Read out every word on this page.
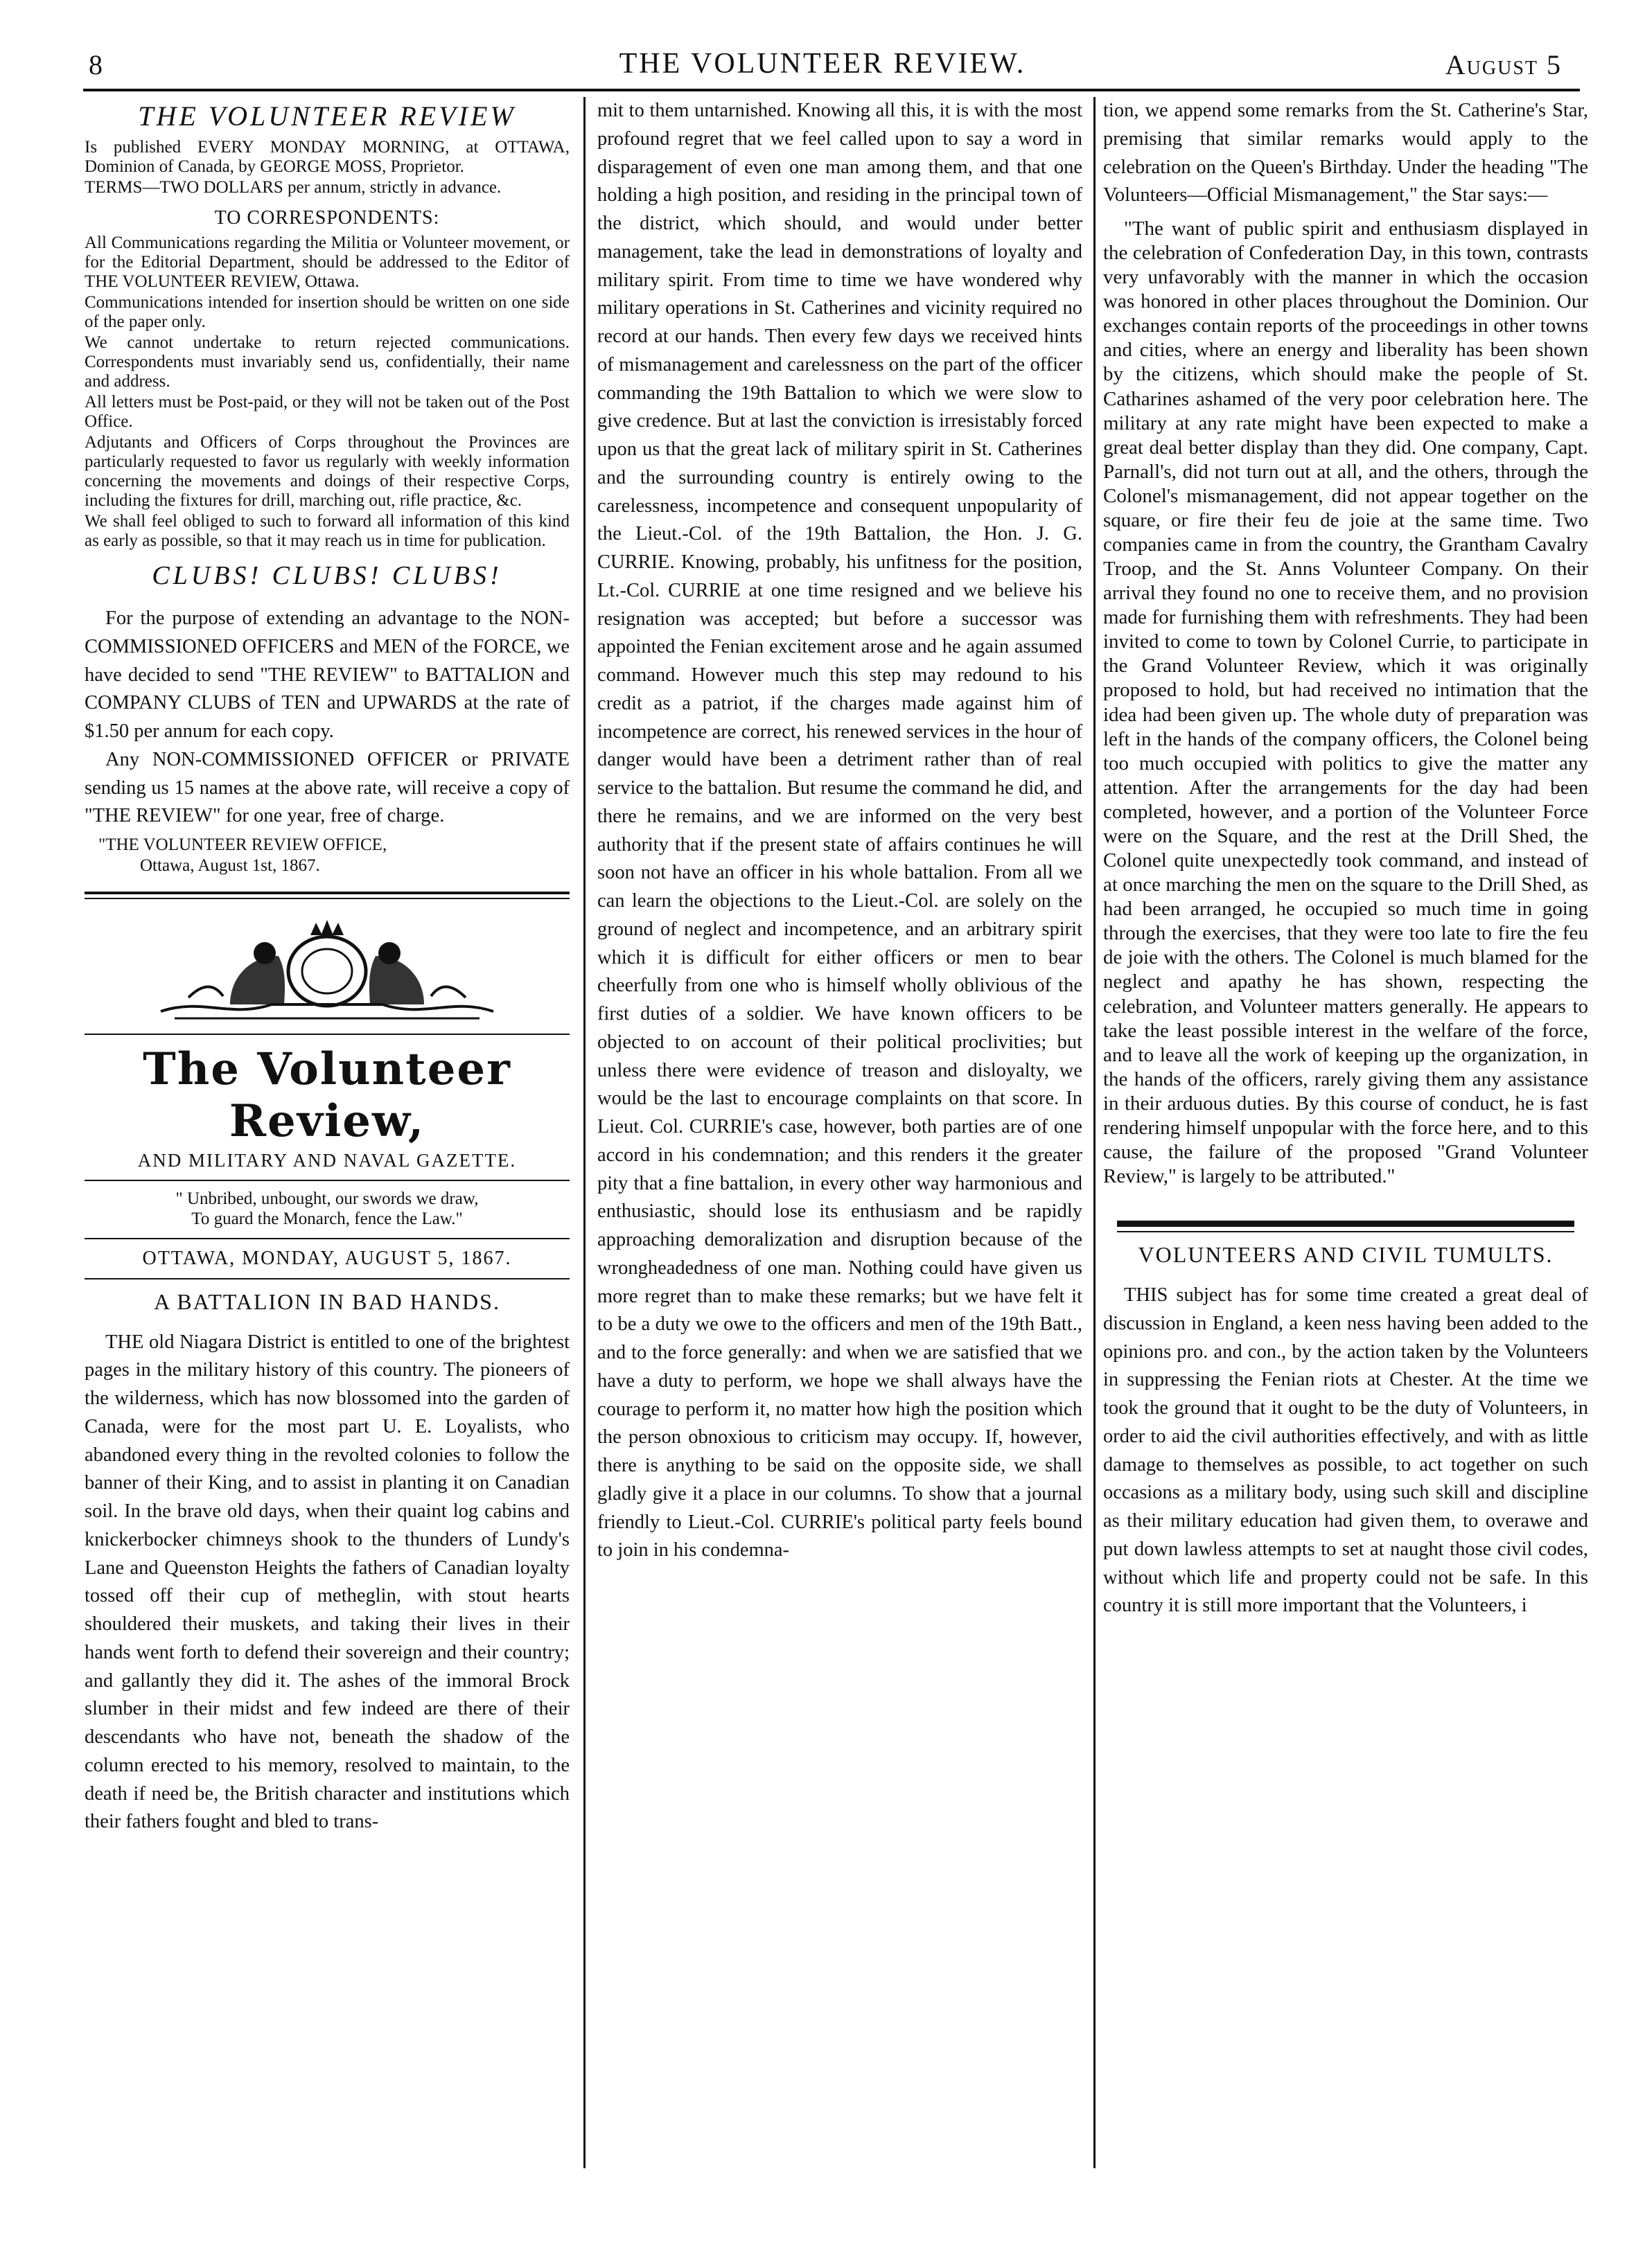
8	THE VOLUNTEER REVIEW.	August 5
THE VOLUNTEER REVIEW

Is published EVERY MONDAY MORNING, at OTTAWA, Dominion of Canada, by GEORGE MOSS, Proprietor.

TERMS—TWO DOLLARS per annum, strictly in advance.

TO CORRESPONDENTS:

All Communications regarding the Militia or Volunteer movement, or for the Editorial Department, should be addressed to the Editor of THE VOLUNTEER REVIEW, Ottawa.

Communications intended for insertion should be written on one side of the paper only.

We cannot undertake to return rejected communications. Correspondents must invariably send us, confidentially, their name and address.

All letters must be Post-paid, or they will not be taken out of the Post Office.

Adjutants and Officers of Corps throughout the Provinces are particularly requested to favor us regularly with weekly information concerning the movements and doings of their respective Corps, including the fixtures for drill, marching out, rifle practice, &c.

We shall feel obliged to such to forward all information of this kind as early as possible, so that it may reach us in time for publication.

CLUBS! CLUBS! CLUBS!

For the purpose of extending an advantage to the NON-COMMISSIONED OFFICERS and MEN of the FORCE, we have decided to send "THE REVIEW" to BATTALION and COMPANY CLUBS of TEN and UPWARDS at the rate of $1.50 per annum for each copy.

Any NON-COMMISSIONED OFFICER or PRIVATE sending us 15 names at the above rate, will receive a copy of "THE REVIEW" for one year, free of charge.

"THE VOLUNTEER REVIEW OFFICE,
Ottawa, August 1st, 1867.
The Volunteer Review,
AND MILITARY AND NAVAL GAZETTE.
" Unbribed, unbought, our swords we draw,
To guard the Monarch, fence the Law."
OTTAWA, MONDAY, AUGUST 5, 1867.
A BATTALION IN BAD HANDS.

THE old Niagara District is entitled to one of the brightest pages in the military history of this country. The pioneers of the wilderness, which has now blossomed into the garden of Canada, were for the most part U. E. Loyalists, who abandoned every thing in the revolted colonies to follow the banner of their King, and to assist in planting it on Canadian soil. In the brave old days, when their quaint log cabins and knickerbocker chimneys shook to the thunders of Lundy's Lane and Queenston Heights the fathers of Canadian loyalty tossed off their cup of metheglin, with stout hearts shouldered their muskets, and taking their lives in their hands went forth to defend their sovereign and their country; and gallantly they did it. The ashes of the immoral Brock slumber in their midst and few indeed are there of their descendants who have not, beneath the shadow of the column erected to his memory, resolved to maintain, to the death if need be, the British character and institutions which their fathers fought and bled to trans-

mit to them untarnished. Knowing all this, it is with the most profound regret that we feel called upon to say a word in disparagement of even one man among them, and that one holding a high position, and residing in the principal town of the district, which should, and would under better management, take the lead in demonstrations of loyalty and military spirit. From time to time we have wondered why military operations in St. Catherines and vicinity required no record at our hands. Then every few days we received hints of mismanagement and carelessness on the part of the officer commanding the 19th Battalion to which we were slow to give credence. But at last the conviction is irresistably forced upon us that the great lack of military spirit in St. Catherines and the surrounding country is entirely owing to the carelessness, incompetence and consequent unpopularity of the Lieut.-Col. of the 19th Battalion, the Hon. J. G. CURRIE. Knowing, probably, his unfitness for the position, Lt.-Col. CURRIE at one time resigned and we believe his resignation was accepted; but before a successor was appointed the Fenian excitement arose and he again assumed command. However much this step may redound to his credit as a patriot, if the charges made against him of incompetence are correct, his renewed services in the hour of danger would have been a detriment rather than of real service to the battalion. But resume the command he did, and there he remains, and we are informed on the very best authority that if the present state of affairs continues he will soon not have an officer in his whole battalion. From all we can learn the objections to the Lieut.-Col. are solely on the ground of neglect and incompetence, and an arbitrary spirit which it is difficult for either officers or men to bear cheerfully from one who is himself wholly oblivious of the first duties of a soldier. We have known officers to be objected to on account of their political proclivities; but unless there were evidence of treason and disloyalty, we would be the last to encourage complaints on that score. In Lieut. Col. CURRIE's case, however, both parties are of one accord in his condemnation; and this renders it the greater pity that a fine battalion, in every other way harmonious and enthusiastic, should lose its enthusiasm and be rapidly approaching demoralization and disruption because of the wrongheadedness of one man. Nothing could have given us more regret than to make these remarks; but we have felt it to be a duty we owe to the officers and men of the 19th Batt., and to the force generally: and when we are satisfied that we have a duty to perform, we hope we shall always have the courage to perform it, no matter how high the position which the person obnoxious to criticism may occupy. If, however, there is anything to be said on the opposite side, we shall gladly give it a place in our columns. To show that a journal friendly to Lieut.-Col. CURRIE's political party feels bound to join in his condemna-

tion, we append some remarks from the St. Catherine's Star, premising that similar remarks would apply to the celebration on the Queen's Birthday. Under the heading "The Volunteers—Official Mismanagement," the Star says:—

"The want of public spirit and enthusiasm displayed in the celebration of Confederation Day, in this town, contrasts very unfavorably with the manner in which the occasion was honored in other places throughout the Dominion. Our exchanges contain reports of the proceedings in other towns and cities, where an energy and liberality has been shown by the citizens, which should make the people of St. Catharines ashamed of the very poor celebration here. The military at any rate might have been expected to make a great deal better display than they did. One company, Capt. Parnall's, did not turn out at all, and the others, through the Colonel's mismanagement, did not appear together on the square, or fire their feu de joie at the same time. Two companies came in from the country, the Grantham Cavalry Troop, and the St. Anns Volunteer Company. On their arrival they found no one to receive them, and no provision made for furnishing them with refreshments. They had been invited to come to town by Colonel Currie, to participate in the Grand Volunteer Review, which it was originally proposed to hold, but had received no intimation that the idea had been given up. The whole duty of preparation was left in the hands of the company officers, the Colonel being too much occupied with politics to give the matter any attention. After the arrangements for the day had been completed, however, and a portion of the Volunteer Force were on the Square, and the rest at the Drill Shed, the Colonel quite unexpectedly took command, and instead of at once marching the men on the square to the Drill Shed, as had been arranged, he occupied so much time in going through the exercises, that they were too late to fire the feu de joie with the others. The Colonel is much blamed for the neglect and apathy he has shown, respecting the celebration, and Volunteer matters generally. He appears to take the least possible interest in the welfare of the force, and to leave all the work of keeping up the organization, in the hands of the officers, rarely giving them any assistance in their arduous duties. By this course of conduct, he is fast rendering himself unpopular with the force here, and to this cause, the failure of the proposed "Grand Volunteer Review," is largely to be attributed."

VOLUNTEERS AND CIVIL TUMULTS.

THIS subject has for some time created a great deal of discussion in England, a keen ness having been added to the opinions pro. and con., by the action taken by the Volunteers in suppressing the Fenian riots at Chester. At the time we took the ground that it ought to be the duty of Volunteers, in order to aid the civil authorities effectively, and with as little damage to themselves as possible, to act together on such occasions as a military body, using such skill and discipline as their military education had given them, to overawe and put down lawless attempts to set at naught those civil codes, without which life and property could not be safe. In this country it is still more important that the Volunteers, i
